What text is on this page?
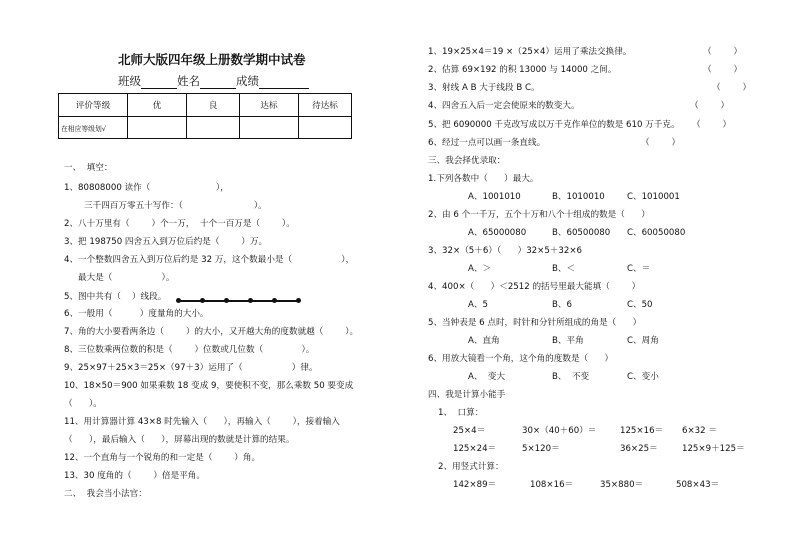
北师大版四年级上册数学期中试卷
班级	姓名	成绩
评价等级	优	良	达标	待达标
在相应等级划√				
一、  填空：
1、80808000 读作（                        ），
三千四百万零五十写作：（                          ）。
2、八十万里有（        ）个一万，  十个一百万是（        ）。
3、把 198750 四舍五入到万位后约是（        ）万。
4、一个整数四舍五入到万位后约是 32 万，这个数最小是（                  ），
最大是（                  ）。
5、图中共有（    ）线段。
6、一般用（          ）度量角的大小。
7、角的大小要看两条边（        ）的大小，又开越大角的度数就越（        ）。
8、三位数乘两位数的积是（        ）位数或几位数（              ）。
9、25×97＋25×3＝25×（97＋3）运用了（                  ）律。
10、18×50＝900 如果乘数 18 变成 9，要使积不变，那么乘数 50 要变成
（      ）。
11、用计算器计算 43×8 时先输入（      ），再输入（        ），接着输入
（      ），最后输入（      ），屏幕出现的数就是计算的结果。
12、一个直角与一个锐角的和一定是（        ）角。
13、30 度角的（        ）倍是平角。
二、  我会当小法官：
1、19×25×4＝19 ×（25×4）运用了乘法交换律。	（        ）
2、估算 69×192 的积 13000 与 14000 之间。	（        ）
3、射线 A B 大于线段 B C。	（        ）
4、四舍五入后一定会使原来的数变大。	（        ）
5、把 6090000 千克改写成以万千克作单位的数是 610 万千克。 （        ）
6、经过一点可以画一条直线。	（        ）
三、我会择优录取：
1.下列各数中（      ）最大。
A、1001010	B、1010010	C、1010001
2、由 6 个一千万，五个十万和八个十组成的数是（      ）
A、65000080	B、60500080 C、60050080
3、32×（5＋6）（      ）32×5＋32×6
A、＞	B、＜	C、＝
4、400×（      ）＜2512 的括号里最大能填（        ）
A、5	B、6	C、50
5、当钟表是 6 点时，时针和分针所组成的角是（      ）
A、直角	B、平角	C、周角
6、用放大镜看一个角，这个角的度数是（      ）
A、  变大	B、  不变	C、变小
四、我是计算小能手
1、  口算：
25×4＝	30×（40＋60）＝	125×16＝ 6×32 ＝
125×24＝	5×120＝	36×25＝	125×9＋125＝
2、用竖式计算：
142×89＝	108×16＝	35×880＝	508×43＝
